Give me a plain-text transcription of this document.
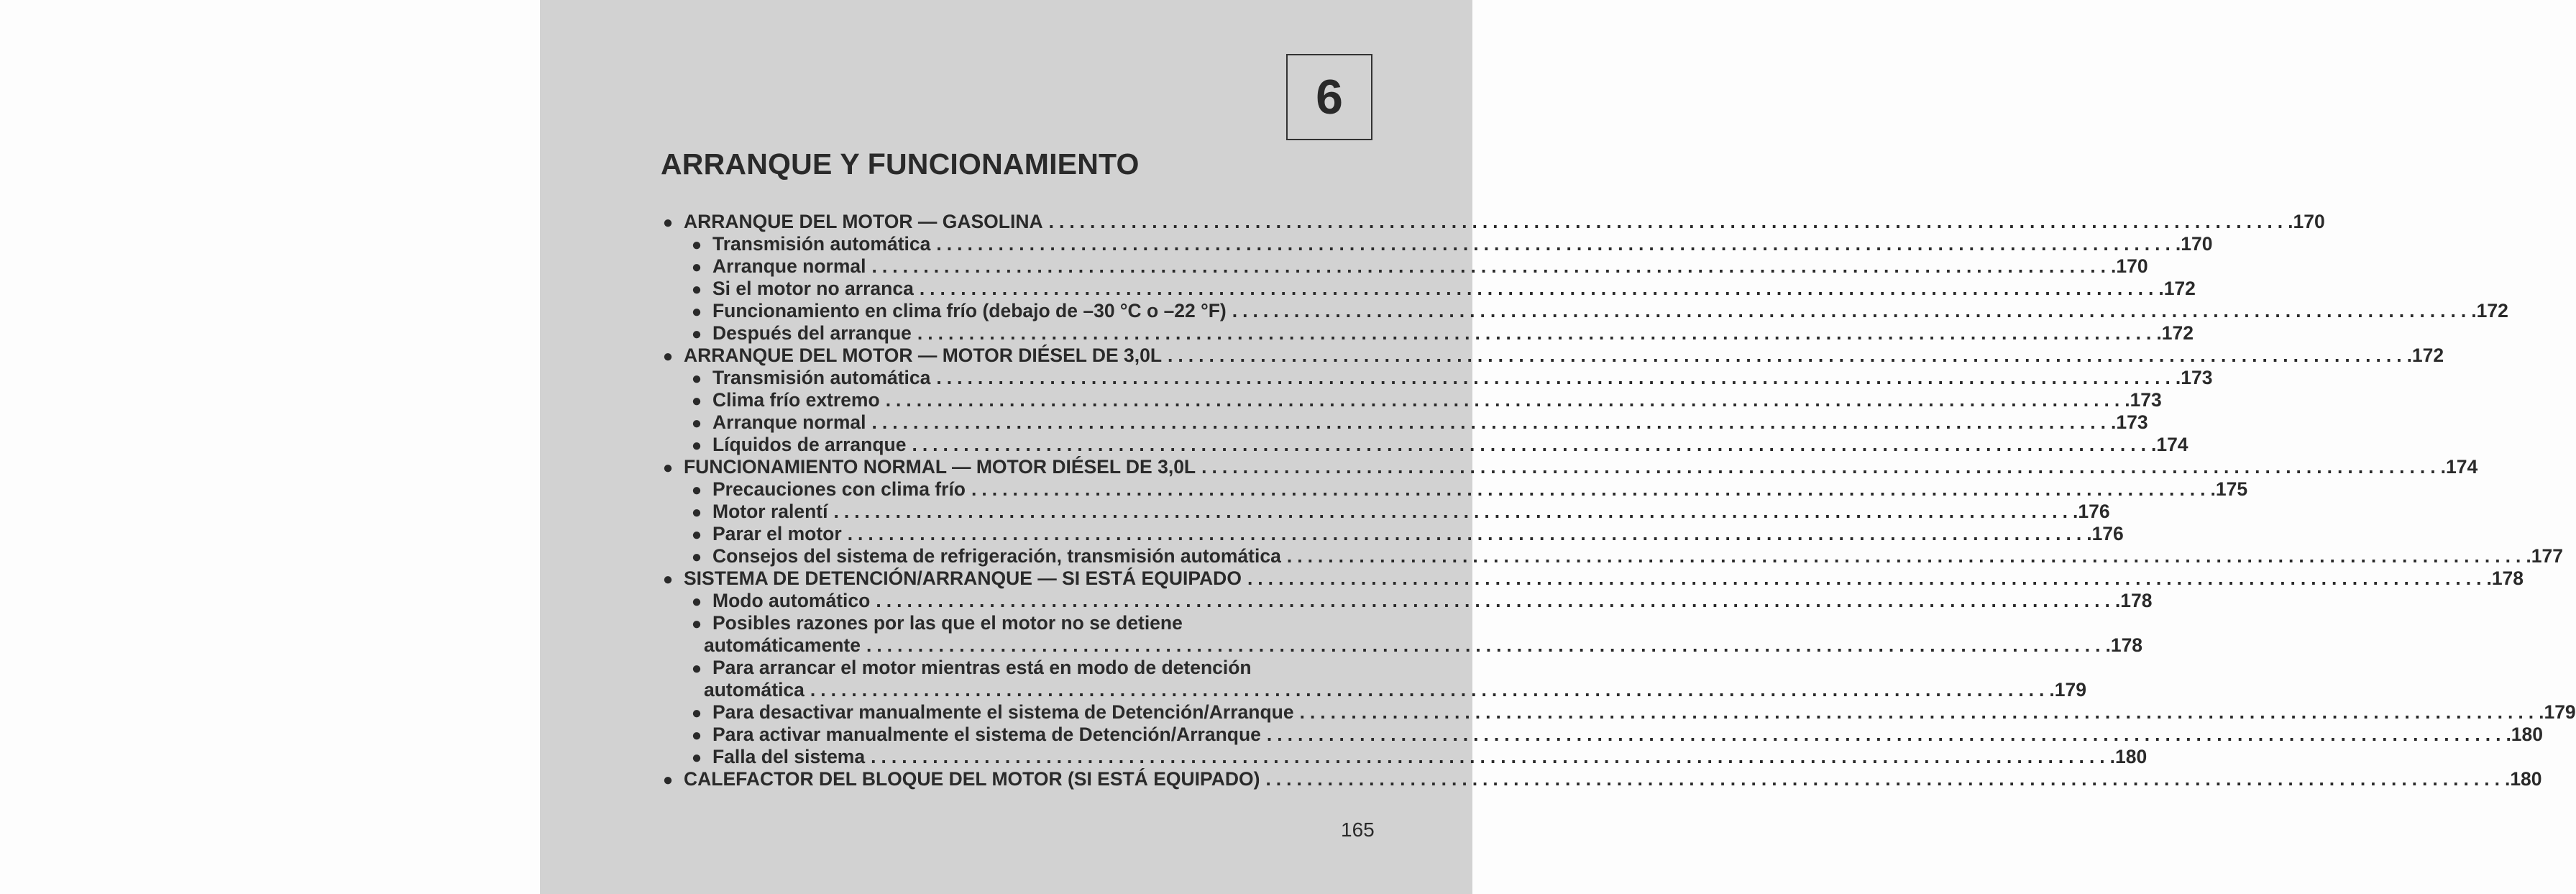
6
ARRANQUE Y FUNCIONAMIENTO
● ARRANQUE DEL MOTOR — GASOLINA ........................................................................................................................ .170
● Transmisión automática ........................................................................................................................ .170
● Arranque normal ........................................................................................................................ .170
● Si el motor no arranca ........................................................................................................................ .172
● Funcionamiento en clima frío (debajo de –30 °C o –22 °F) ........................................................................................................................ .172
● Después del arranque ........................................................................................................................ .172
● ARRANQUE DEL MOTOR — MOTOR DIÉSEL DE 3,0L ........................................................................................................................ .172
● Transmisión automática ........................................................................................................................ .173
● Clima frío extremo ........................................................................................................................ .173
● Arranque normal ........................................................................................................................ .173
● Líquidos de arranque ........................................................................................................................ .174
● FUNCIONAMIENTO NORMAL — MOTOR DIÉSEL DE 3,0L ........................................................................................................................ .174
● Precauciones con clima frío ........................................................................................................................ .175
● Motor ralentí ........................................................................................................................ .176
● Parar el motor ........................................................................................................................ .176
● Consejos del sistema de refrigeración, transmisión automática ........................................................................................................................ .177
● SISTEMA DE DETENCIÓN/ARRANQUE — SI ESTÁ EQUIPADO ........................................................................................................................ .178
● Modo automático ........................................................................................................................ .178
● Posibles razones por las que el motor no se detiene
automáticamente ........................................................................................................................ .178
● Para arrancar el motor mientras está en modo de detención
automática ........................................................................................................................ .179
● Para desactivar manualmente el sistema de Detención/Arranque ........................................................................................................................ .179
● Para activar manualmente el sistema de Detención/Arranque ........................................................................................................................ .180
● Falla del sistema ........................................................................................................................ .180
● CALEFACTOR DEL BLOQUE DEL MOTOR (SI ESTÁ EQUIPADO) ........................................................................................................................ .180
165
